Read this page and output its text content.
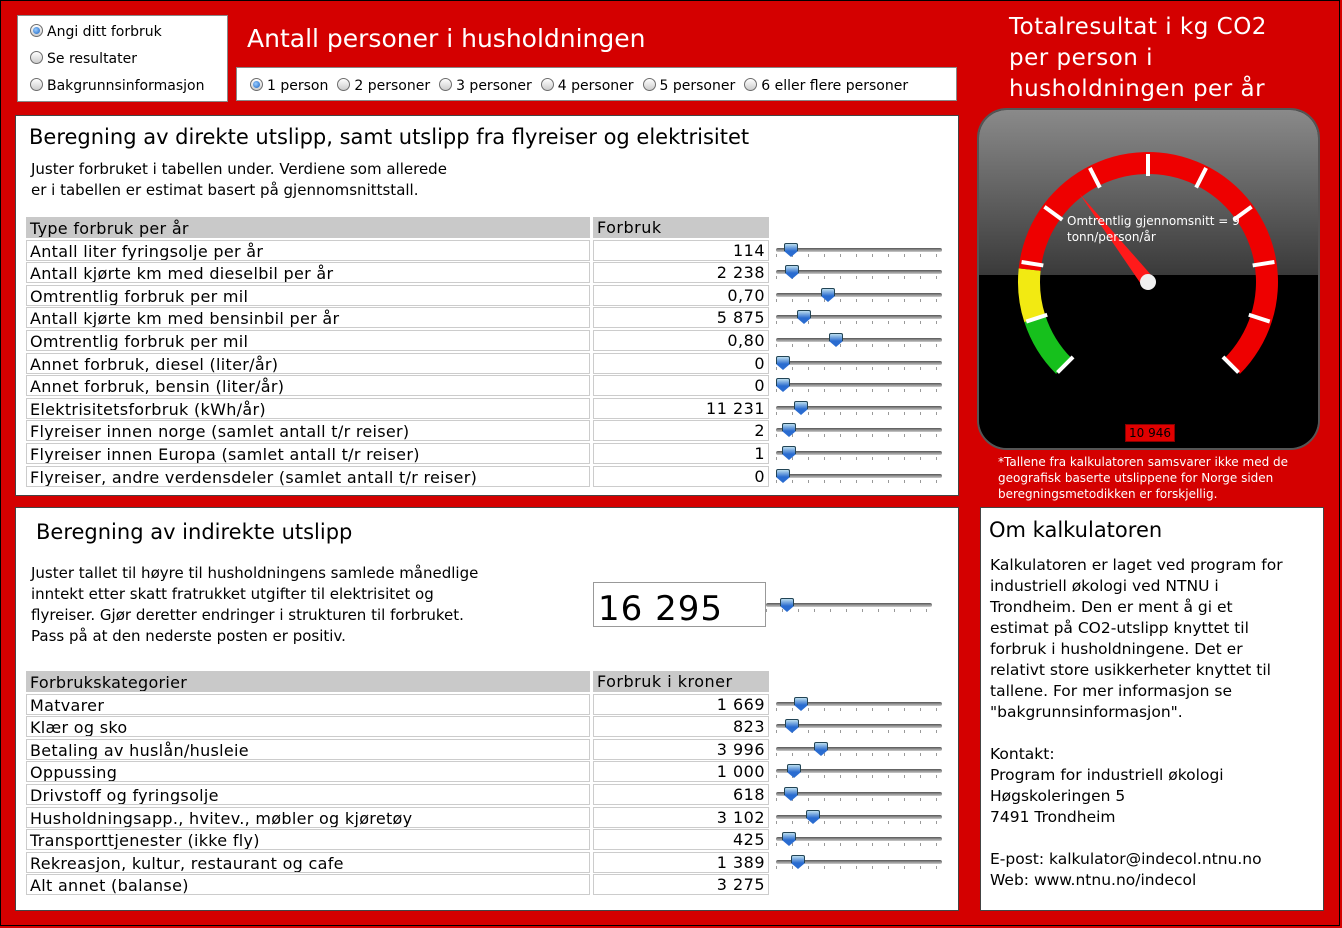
Angi ditt forbruk
Se resultater
Bakgrunnsinformasjon
Antall personer i husholdningen
1 person 2 personer 3 personer 4 personer 5 personer 6 eller flere personer
Totalresultat i kg CO2 per person i husholdningen per år
Omtrentlig gjennomsnitt = 9 tonn/person/år
10 946
*Tallene fra kalkulatoren samsvarer ikke med de geografisk baserte utslippene for Norge siden beregningsmetodikken er forskjellig.
Beregning av direkte utslipp, samt utslipp fra flyreiser og elektrisitet
Juster forbruket i tabellen under. Verdiene som allerede
er i tabellen er estimat basert på gjennomsnittstall.
Type forbruk per år	Forbruk
Antall liter fyringsolje per år	114
Antall kjørte km med dieselbil per år	2 238
Omtrentlig forbruk per mil	0,70
Antall kjørte km med bensinbil per år	5 875
Omtrentlig forbruk per mil	0,80
Annet forbruk, diesel (liter/år)	0
Annet forbruk, bensin (liter/år)	0
Elektrisitetsforbruk (kWh/år)	11 231
Flyreiser innen norge (samlet antall t/r reiser)	2
Flyreiser innen Europa (samlet antall t/r reiser)	1
Flyreiser, andre verdensdeler (samlet antall t/r reiser)	0
Beregning av indirekte utslipp
Juster tallet til høyre til husholdningens samlede månedlige
inntekt etter skatt fratrukket utgifter til elektrisitet og
flyreiser. Gjør deretter endringer i strukturen til forbruket.
Pass på at den nederste posten er positiv.
16 295
Forbrukskategorier	Forbruk i kroner
Matvarer	1 669
Klær og sko	823
Betaling av huslån/husleie	3 996
Oppussing	1 000
Drivstoff og fyringsolje	618
Husholdningsapp., hvitev., møbler og kjøretøy	3 102
Transporttjenester (ikke fly)	425
Rekreasjon, kultur, restaurant og cafe	1 389
Alt annet (balanse)	3 275
Om kalkulatoren

Kalkulatoren er laget ved program for

industriell økologi ved NTNU i

Trondheim. Den er ment å gi et

estimat på CO2-utslipp knyttet til

forbruk i husholdningene. Det er

relativt store usikkerheter knyttet til

tallene. For mer informasjon se

"bakgrunnsinformasjon".

Kontakt:

Program for industriell økologi

Høgskoleringen 5

7491 Trondheim

E-post: kalkulator@indecol.ntnu.no

Web: www.ntnu.no/indecol
